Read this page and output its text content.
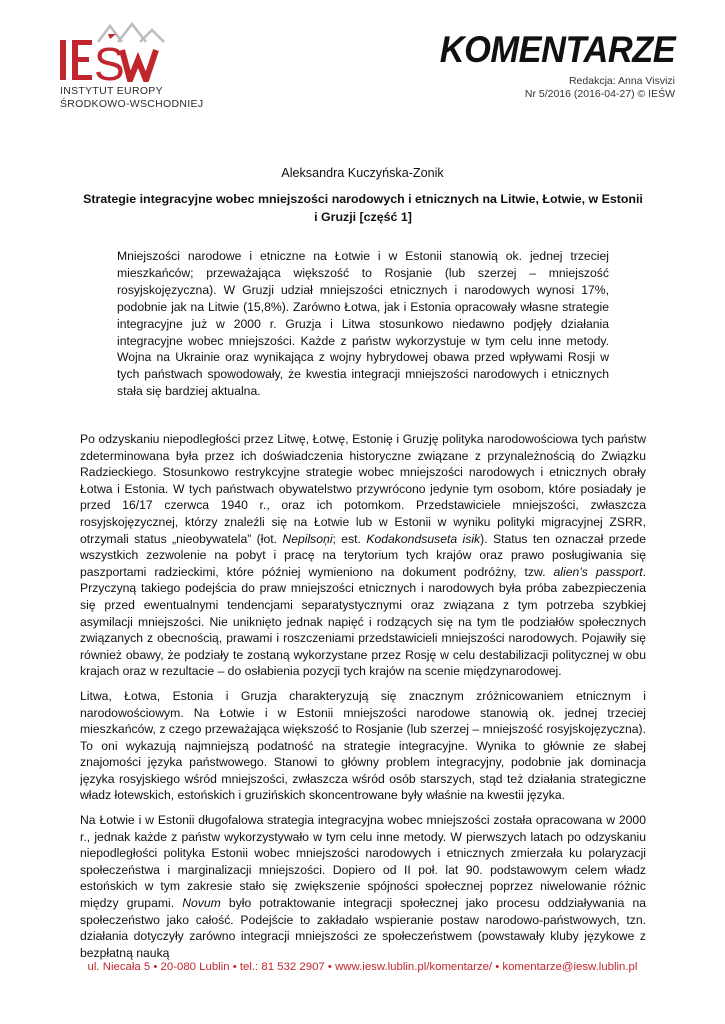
S
INSTYTUT EUROPY
ŚRODKOWO-WSCHODNIEJ
KOMENTARZE
Redakcja: Anna Visvizi
Nr 5/2016 (2016-04-27) © IEŚW
Aleksandra Kuczyńska-Zonik
Strategie integracyjne wobec mniejszości narodowych i etnicznych na Litwie, Łotwie, w Estonii i Gruzji [część 1]

Mniejszości narodowe i etniczne na Łotwie i w Estonii stanowią ok. jednej trzeciej mieszkańców; przeważająca większość to Rosjanie (lub szerzej – mniejszość rosyjskojęzyczna). W Gruzji udział mniejszości etnicznych i narodowych wynosi 17%, podobnie jak na Litwie (15,8%). Zarówno Łotwa, jak i Estonia opracowały własne strategie integracyjne już w 2000 r. Gruzja i Litwa stosunkowo niedawno podjęły działania integracyjne wobec mniejszości. Każde z państw wykorzystuje w tym celu inne metody. Wojna na Ukrainie oraz wynikająca z wojny hybrydowej obawa przed wpływami Rosji w tych państwach spowodowały, że kwestia integracji mniejszości narodowych i etnicznych stała się bardziej aktualna.

Po odzyskaniu niepodległości przez Litwę, Łotwę, Estonię i Gruzję polityka narodowościowa tych państw zdeterminowana była przez ich doświadczenia historyczne związane z przynależnością do Związku Radzieckiego. Stosunkowo restrykcyjne strategie wobec mniejszości narodowych i etnicznych obrały Łotwa i Estonia. W tych państwach obywatelstwo przywrócono jedynie tym osobom, które posiadały je przed 16/17 czerwca 1940 r., oraz ich potomkom. Przedstawiciele mniejszości, zwłaszcza rosyjskojęzycznej, którzy znaleźli się na Łotwie lub w Estonii w wyniku polityki migracyjnej ZSRR, otrzymali status „nieobywatela” (łot. Nepilsoņi; est. Kodakondsuseta isik). Status ten oznaczał przede wszystkich zezwolenie na pobyt i pracę na terytorium tych krajów oraz prawo posługiwania się paszportami radzieckimi, które później wymieniono na dokument podróżny, tzw. alien’s passport. Przyczyną takiego podejścia do praw mniejszości etnicznych i narodowych była próba zabezpieczenia się przed ewentualnymi tendencjami separatystycznymi oraz związana z tym potrzeba szybkiej asymilacji mniejszości. Nie uniknięto jednak napięć i rodzących się na tym tle podziałów społecznych związanych z obecnością, prawami i roszczeniami przedstawicieli mniejszości narodowych. Pojawiły się również obawy, że podziały te zostaną wykorzystane przez Rosję w celu destabilizacji politycznej w obu krajach oraz w rezultacie – do osłabienia pozycji tych krajów na scenie międzynarodowej.

Litwa, Łotwa, Estonia i Gruzja charakteryzują się znacznym zróżnicowaniem etnicznym i narodowościowym. Na Łotwie i w Estonii mniejszości narodowe stanowią ok. jednej trzeciej mieszkańców, z czego przeważająca większość to Rosjanie (lub szerzej – mniejszość rosyjskojęzyczna). To oni wykazują najmniejszą podatność na strategie integracyjne. Wynika to głównie ze słabej znajomości języka państwowego. Stanowi to główny problem integracyjny, podobnie jak dominacja języka rosyjskiego wśród mniejszości, zwłaszcza wśród osób starszych, stąd też działania strategiczne władz łotewskich, estońskich i gruzińskich skoncentrowane były właśnie na kwestii języka.

Na Łotwie i w Estonii długofalowa strategia integracyjna wobec mniejszości została opracowana w 2000 r., jednak każde z państw wykorzystywało w tym celu inne metody. W pierwszych latach po odzyskaniu niepodległości polityka Estonii wobec mniejszości narodowych i etnicznych zmierzała ku polaryzacji społeczeństwa i marginalizacji mniejszości. Dopiero od II poł. lat 90. podstawowym celem władz estońskich w tym zakresie stało się zwiększenie spójności społecznej poprzez niwelowanie różnic między grupami. Novum było potraktowanie integracji społecznej jako procesu oddziaływania na społeczeństwo jako całość. Podejście to zakładało wspieranie postaw narodowo-państwowych, tzn. działania dotyczyły zarówno integracji mniejszości ze społeczeństwem (powstawały kluby językowe z bezpłatną nauką

ul. Niecała 5 • 20-080 Lublin • tel.: 81 532 2907 • www.iesw.lublin.pl/komentarze/ • komentarze@iesw.lublin.pl
